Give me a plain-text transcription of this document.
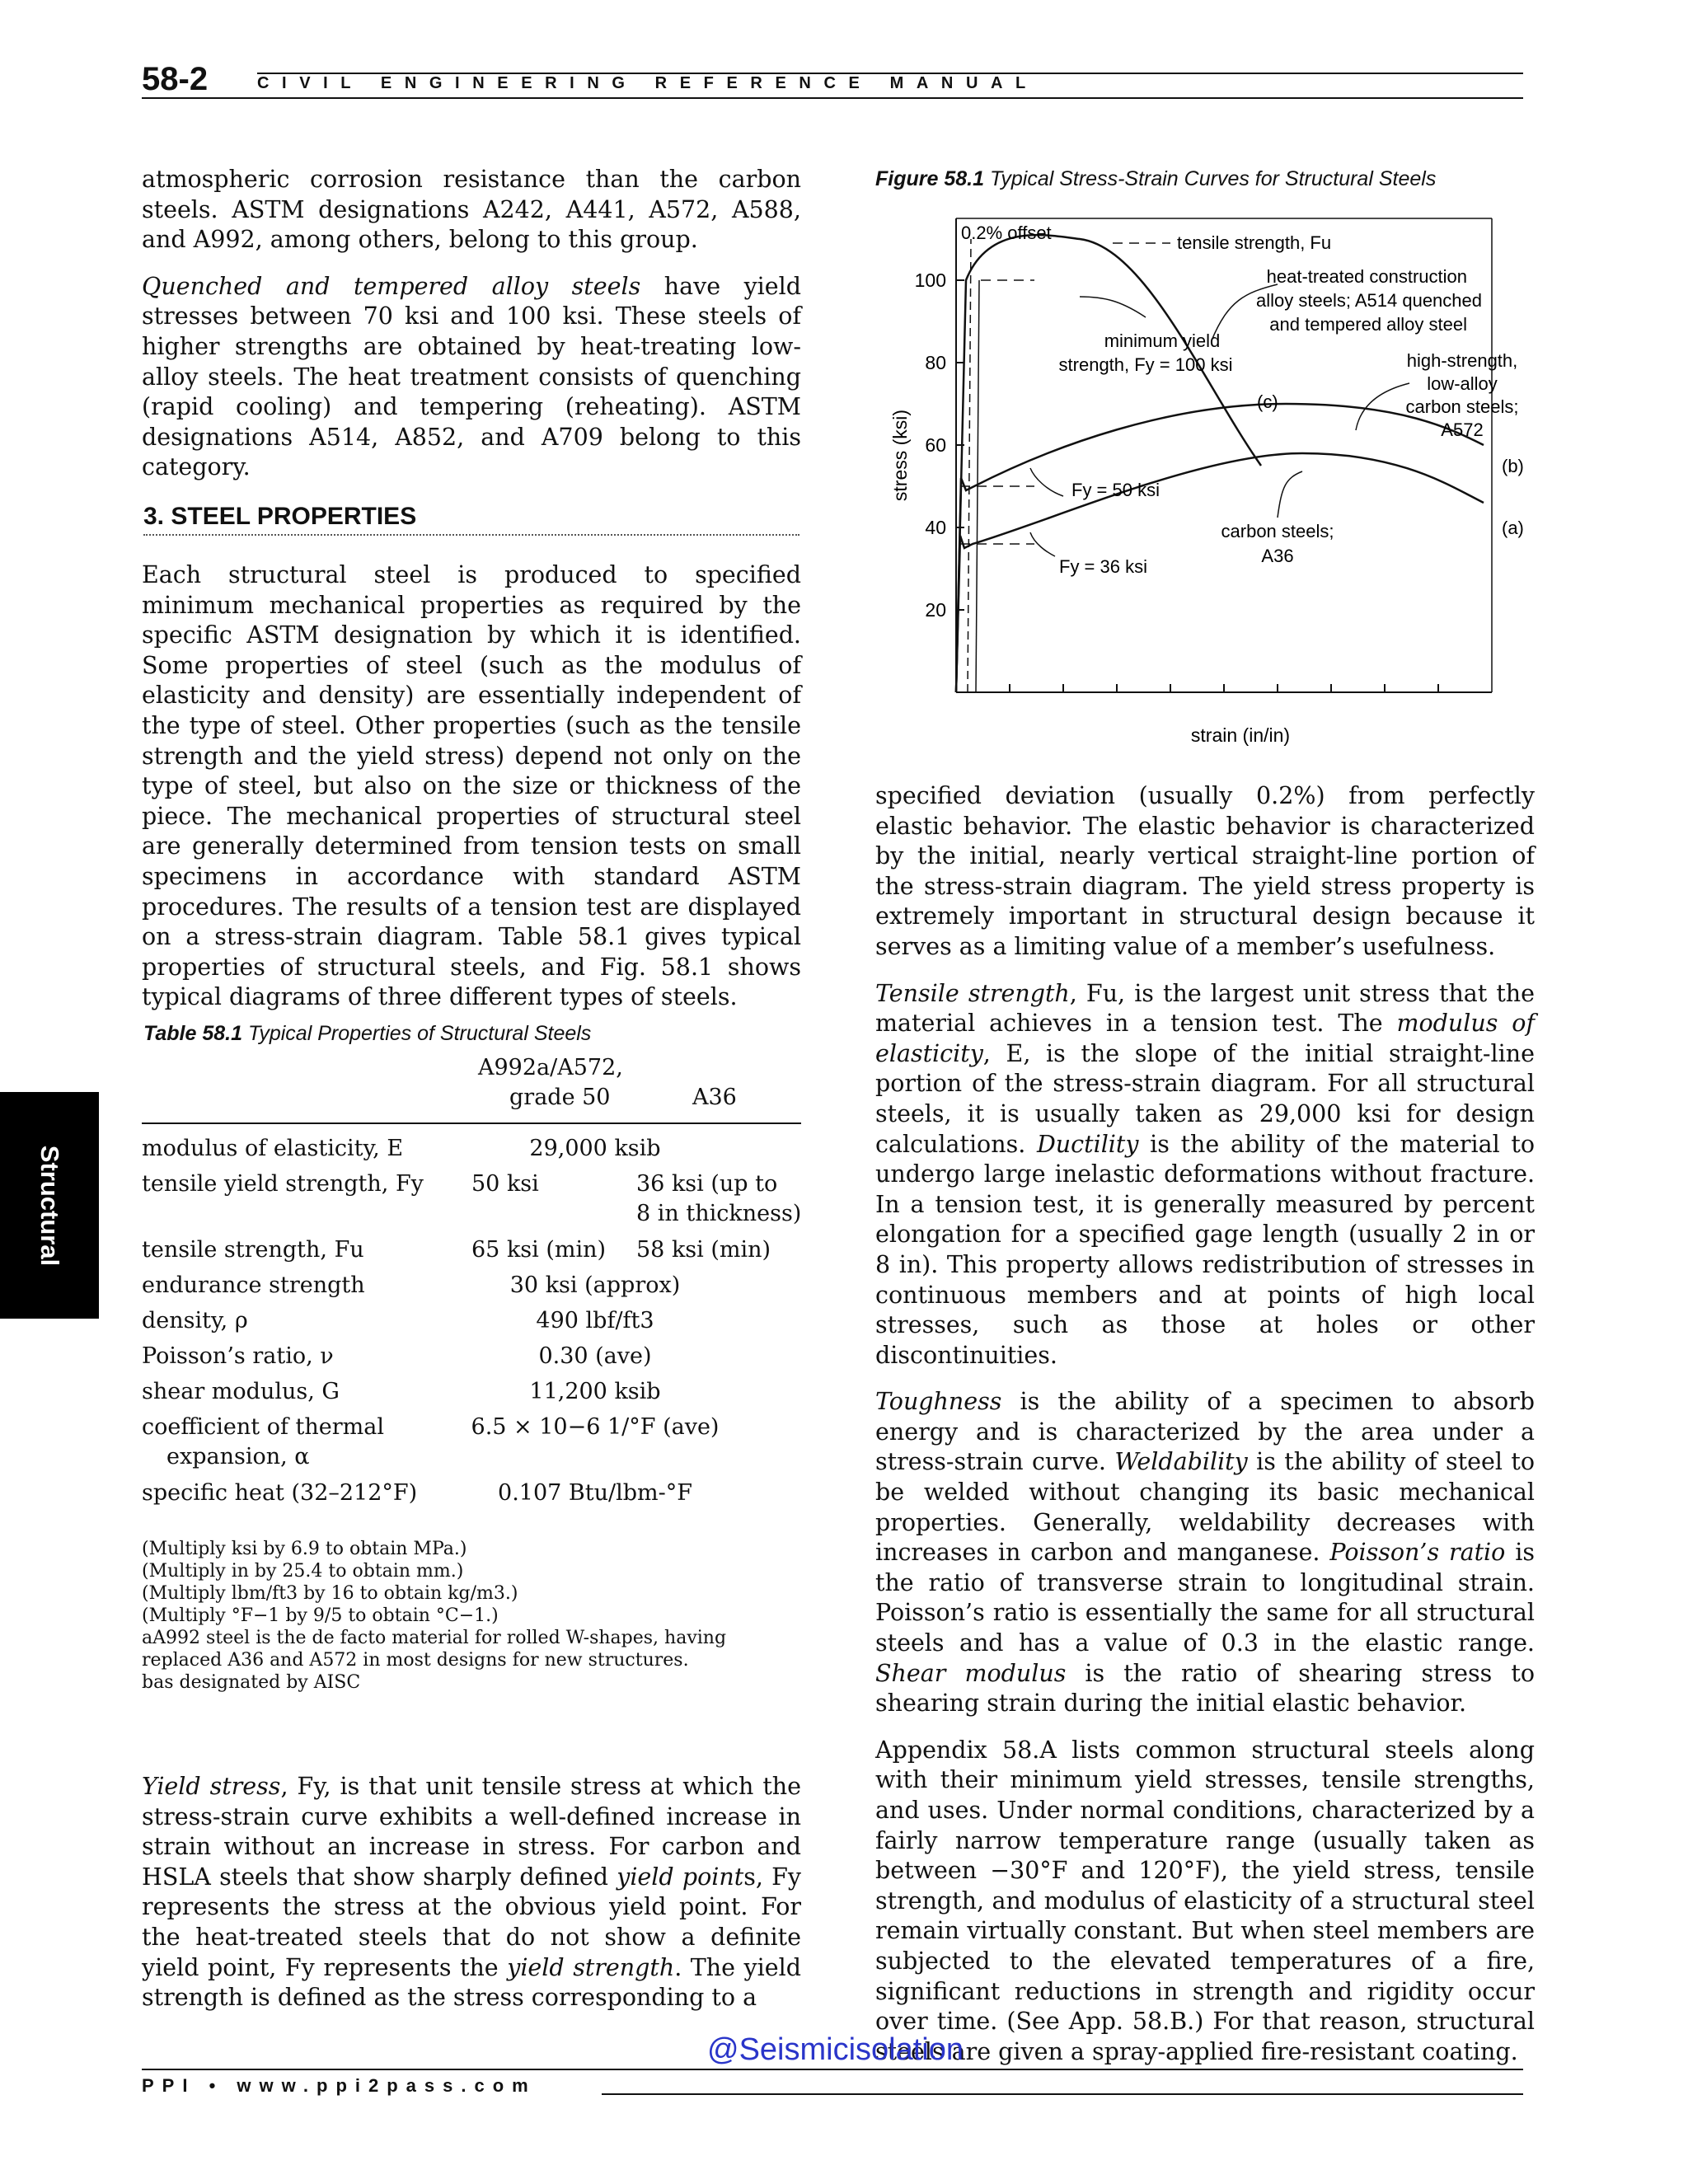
58-2	CIVIL ENGINEERING REFERENCE MANUAL
Structural

atmospheric corrosion resistance than the carbon steels. ASTM designations A242, A441, A572, A588, and A992, among others, belong to this group.

Quenched and tempered alloy steels have yield stresses between 70 ksi and 100 ksi. These steels of higher strengths are obtained by heat-treating low-alloy steels. The heat treatment consists of quenching (rapid cooling) and tempering (reheating). ASTM designations A514, A852, and A709 belong to this category.

3. STEEL PROPERTIES

Each structural steel is produced to specified minimum mechanical properties as required by the specific ASTM designation by which it is identified. Some properties of steel (such as the modulus of elasticity and density) are essentially independent of the type of steel. Other properties (such as the tensile strength and the yield stress) depend not only on the type of steel, but also on the size or thickness of the piece. The mechanical properties of structural steel are generally determined from tension tests on small specimens in accordance with standard ASTM procedures. The results of a tension test are displayed on a stress-strain diagram. Table 58.1 gives typical properties of structural steels, and Fig. 58.1 shows typical diagrams of three different types of steels.

Table 58.1 Typical Properties of Structural Steels
A992a/A572,
grade 50	A36
modulus of elasticity, E	29,000 ksib
tensile yield strength, Fy 50 ksi	36 ksi (up to
8 in thickness)
tensile strength, Fu	65 ksi (min) 58 ksi (min)
endurance strength	30 ksi (approx)
density, ρ	490 lbf/ft3
Poisson’s ratio, ν	0.30 (ave)
shear modulus, G	11,200 ksib
coefficient of thermal
expansion, α
6.5 × 10−6 1/°F (ave)
specific heat (32–212°F)	0.107 Btu/lbm-°F
(Multiply ksi by 6.9 to obtain MPa.)
(Multiply in by 25.4 to obtain mm.)
(Multiply lbm/ft3 by 16 to obtain kg/m3.)
(Multiply °F−1 by 9/5 to obtain °C−1.)
aA992 steel is the de facto material for rolled W-shapes, having replaced A36 and A572 in most designs for new structures.
bas designated by AISC

Yield stress, Fy, is that unit tensile stress at which the stress-strain curve exhibits a well-defined increase in strain without an increase in stress. For carbon and HSLA steels that show sharply defined yield points, Fy represents the stress at the obvious yield point. For the heat-treated steels that do not show a definite yield point, Fy represents the yield strength. The yield strength is defined as the stress corresponding to a

Figure 58.1 Typical Stress-Strain Curves for Structural Steels
20
40
60
80
100
strain (in/in)
stress (ksi)
0.2% offset	tensile strength, Fu
heat-treated construction
alloy steels; A514 quenched
and tempered alloy steel
minimum yield
strength, Fy = 100 ksi	high-strength,
low-alloy
carbon steels;
A572
(c)
(b)
(a)
Fy = 50 ksi
carbon steels;
A36
Fy = 36 ksi

specified deviation (usually 0.2%) from perfectly elastic behavior. The elastic behavior is characterized by the initial, nearly vertical straight-line portion of the stress-strain diagram. The yield stress property is extremely important in structural design because it serves as a limiting value of a member’s usefulness.

Tensile strength, Fu, is the largest unit stress that the material achieves in a tension test. The modulus of elasticity, E, is the slope of the initial straight-line portion of the stress-strain diagram. For all structural steels, it is usually taken as 29,000 ksi for design calculations. Ductility is the ability of the material to undergo large inelastic deformations without fracture. In a tension test, it is generally measured by percent elongation for a specified gage length (usually 2 in or 8 in). This property allows redistribution of stresses in continuous members and at points of high local stresses, such as those at holes or other discontinuities.

Toughness is the ability of a specimen to absorb energy and is characterized by the area under a stress-strain curve. Weldability is the ability of steel to be welded without changing its basic mechanical properties. Generally, weldability decreases with increases in carbon and manganese. Poisson’s ratio is the ratio of transverse strain to longitudinal strain. Poisson’s ratio is essentially the same for all structural steels and has a value of 0.3 in the elastic range. Shear modulus is the ratio of shearing stress to shearing strain during the initial elastic behavior.

Appendix 58.A lists common structural steels along with their minimum yield stresses, tensile strengths, and uses. Under normal conditions, characterized by a fairly narrow temperature range (usually taken as between −30°F and 120°F), the yield stress, tensile strength, and modulus of elasticity of a structural steel remain virtually constant. But when steel members are subjected to the elevated temperatures of a fire, significant reductions in strength and rigidity occur over time. (See App. 58.B.) For that reason, structural steels are given a spray-applied fire-resistant coating.

@Seismicisolation
PPI • www.ppi2pass.com
